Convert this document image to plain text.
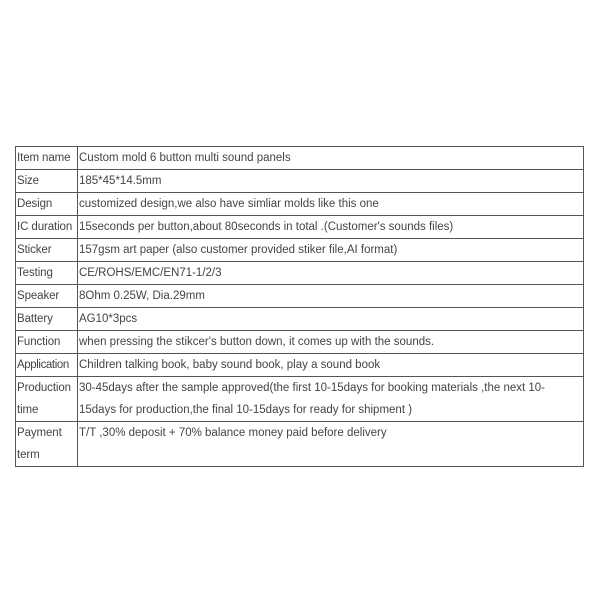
Item name	Custom mold 6 button multi sound panels
Size	185*45*14.5mm
Design	customized design,we also have simliar molds like this one
IC duration	15seconds per button,about 80seconds in total .(Customer's sounds files)
Sticker	157gsm art paper (also customer provided stiker file,AI format)
Testing	CE/ROHS/EMC/EN71-1/2/3
Speaker	8Ohm 0.25W, Dia.29mm
Battery	AG10*3pcs
Function	when pressing the stikcer's button down, it comes up with the sounds.
Application	Children talking book, baby sound book, play a sound book
Production time	30-45days after the sample approved(the first 10-15days for booking materials ,the next 10-15days for production,the final 10-15days for ready for shipment )
Payment term	T/T ,30% deposit + 70% balance money paid before delivery
